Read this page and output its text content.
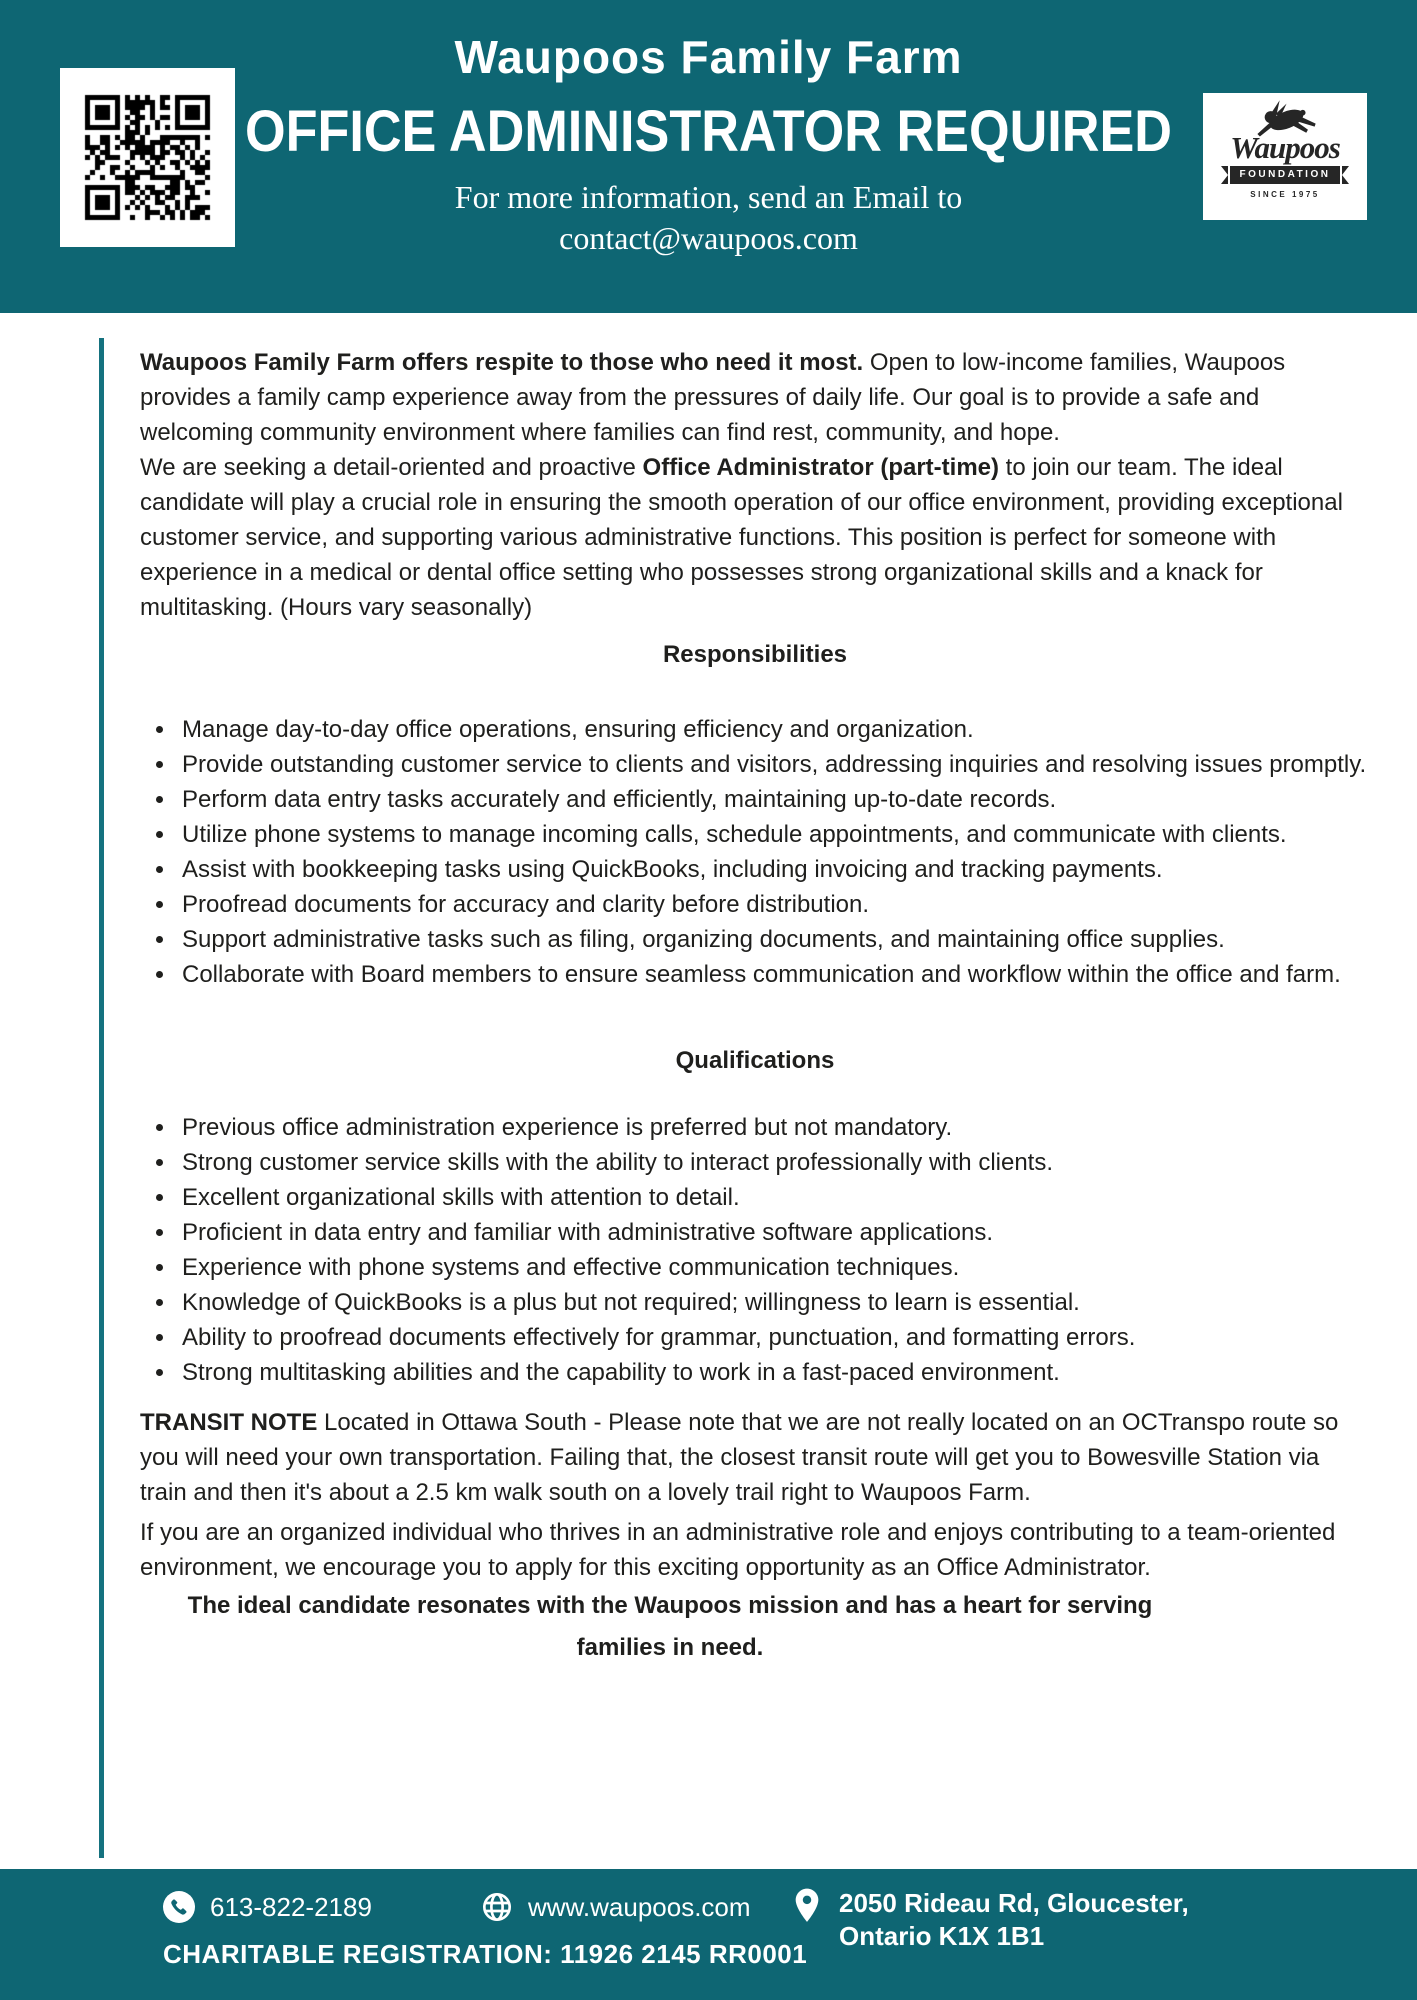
Waupoos Family Farm
OFFICE ADMINISTRATOR REQUIRED
For more information, send an Email to
contact@waupoos.com
Waupoos
FOUNDATION
SINCE 1975

Waupoos Family Farm offers respite to those who need it most. Open to low-income families, Waupoos provides a family camp experience away from the pressures of daily life. Our goal is to provide a safe and welcoming community environment where families can find rest, community, and hope.

We are seeking a detail-oriented and proactive Office Administrator (part-time) to join our team. The ideal candidate will play a crucial role in ensuring the smooth operation of our office environment, providing exceptional customer service, and supporting various administrative functions. This position is perfect for someone with experience in a medical or dental office setting who possesses strong organizational skills and a knack for multitasking. (Hours vary seasonally)

Responsibilities
Manage day-to-day office operations, ensuring efficiency and organization.
Provide outstanding customer service to clients and visitors, addressing inquiries and resolving issues promptly.
Perform data entry tasks accurately and efficiently, maintaining up-to-date records.
Utilize phone systems to manage incoming calls, schedule appointments, and communicate with clients.
Assist with bookkeeping tasks using QuickBooks, including invoicing and tracking payments.
Proofread documents for accuracy and clarity before distribution.
Support administrative tasks such as filing, organizing documents, and maintaining office supplies.
Collaborate with Board members to ensure seamless communication and workflow within the office and farm.
Qualifications
Previous office administration experience is preferred but not mandatory.
Strong customer service skills with the ability to interact professionally with clients.
Excellent organizational skills with attention to detail.
Proficient in data entry and familiar with administrative software applications.
Experience with phone systems and effective communication techniques.
Knowledge of QuickBooks is a plus but not required; willingness to learn is essential.
Ability to proofread documents effectively for grammar, punctuation, and formatting errors.
Strong multitasking abilities and the capability to work in a fast-paced environment.

TRANSIT NOTE Located in Ottawa South - Please note that we are not really located on an OCTranspo route so you will need your own transportation. Failing that, the closest transit route will get you to Bowesville Station via train and then it's about a 2.5 km walk south on a lovely trail right to Waupoos Farm.

If you are an organized individual who thrives in an administrative role and enjoys contributing to a team-oriented environment, we encourage you to apply for this exciting opportunity as an Office Administrator.

The ideal candidate resonates with the Waupoos mission and has a heart for serving families in need.

613-822-2189	www.waupoos.com	2050 Rideau Rd, Gloucester,
Ontario K1X 1B1
CHARITABLE REGISTRATION: 11926 2145 RR0001
